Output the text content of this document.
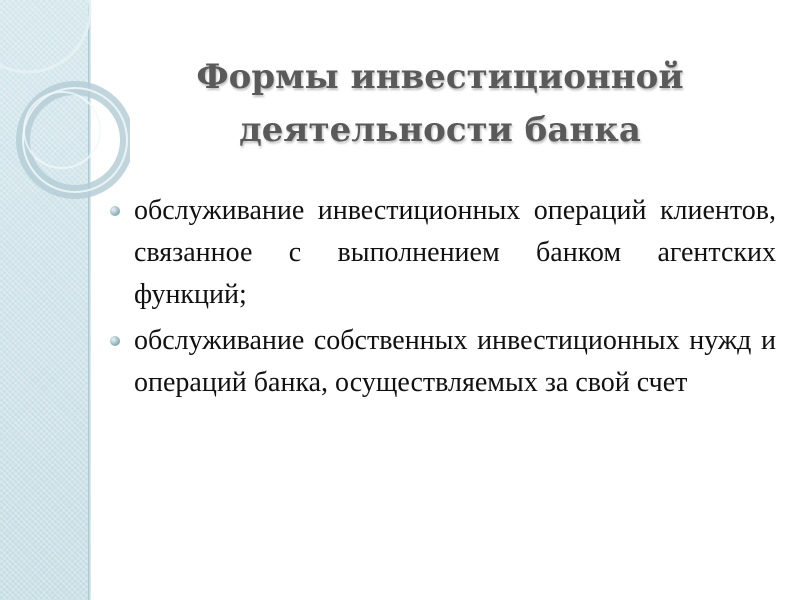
Формы инвестиционной деятельности банка
обслуживание инвестиционных операций клиентов, связанное с выполнением банком агентских функций;
обслуживание собственных инвестиционных нужд и операций банка, осуществляемых за свой счет
